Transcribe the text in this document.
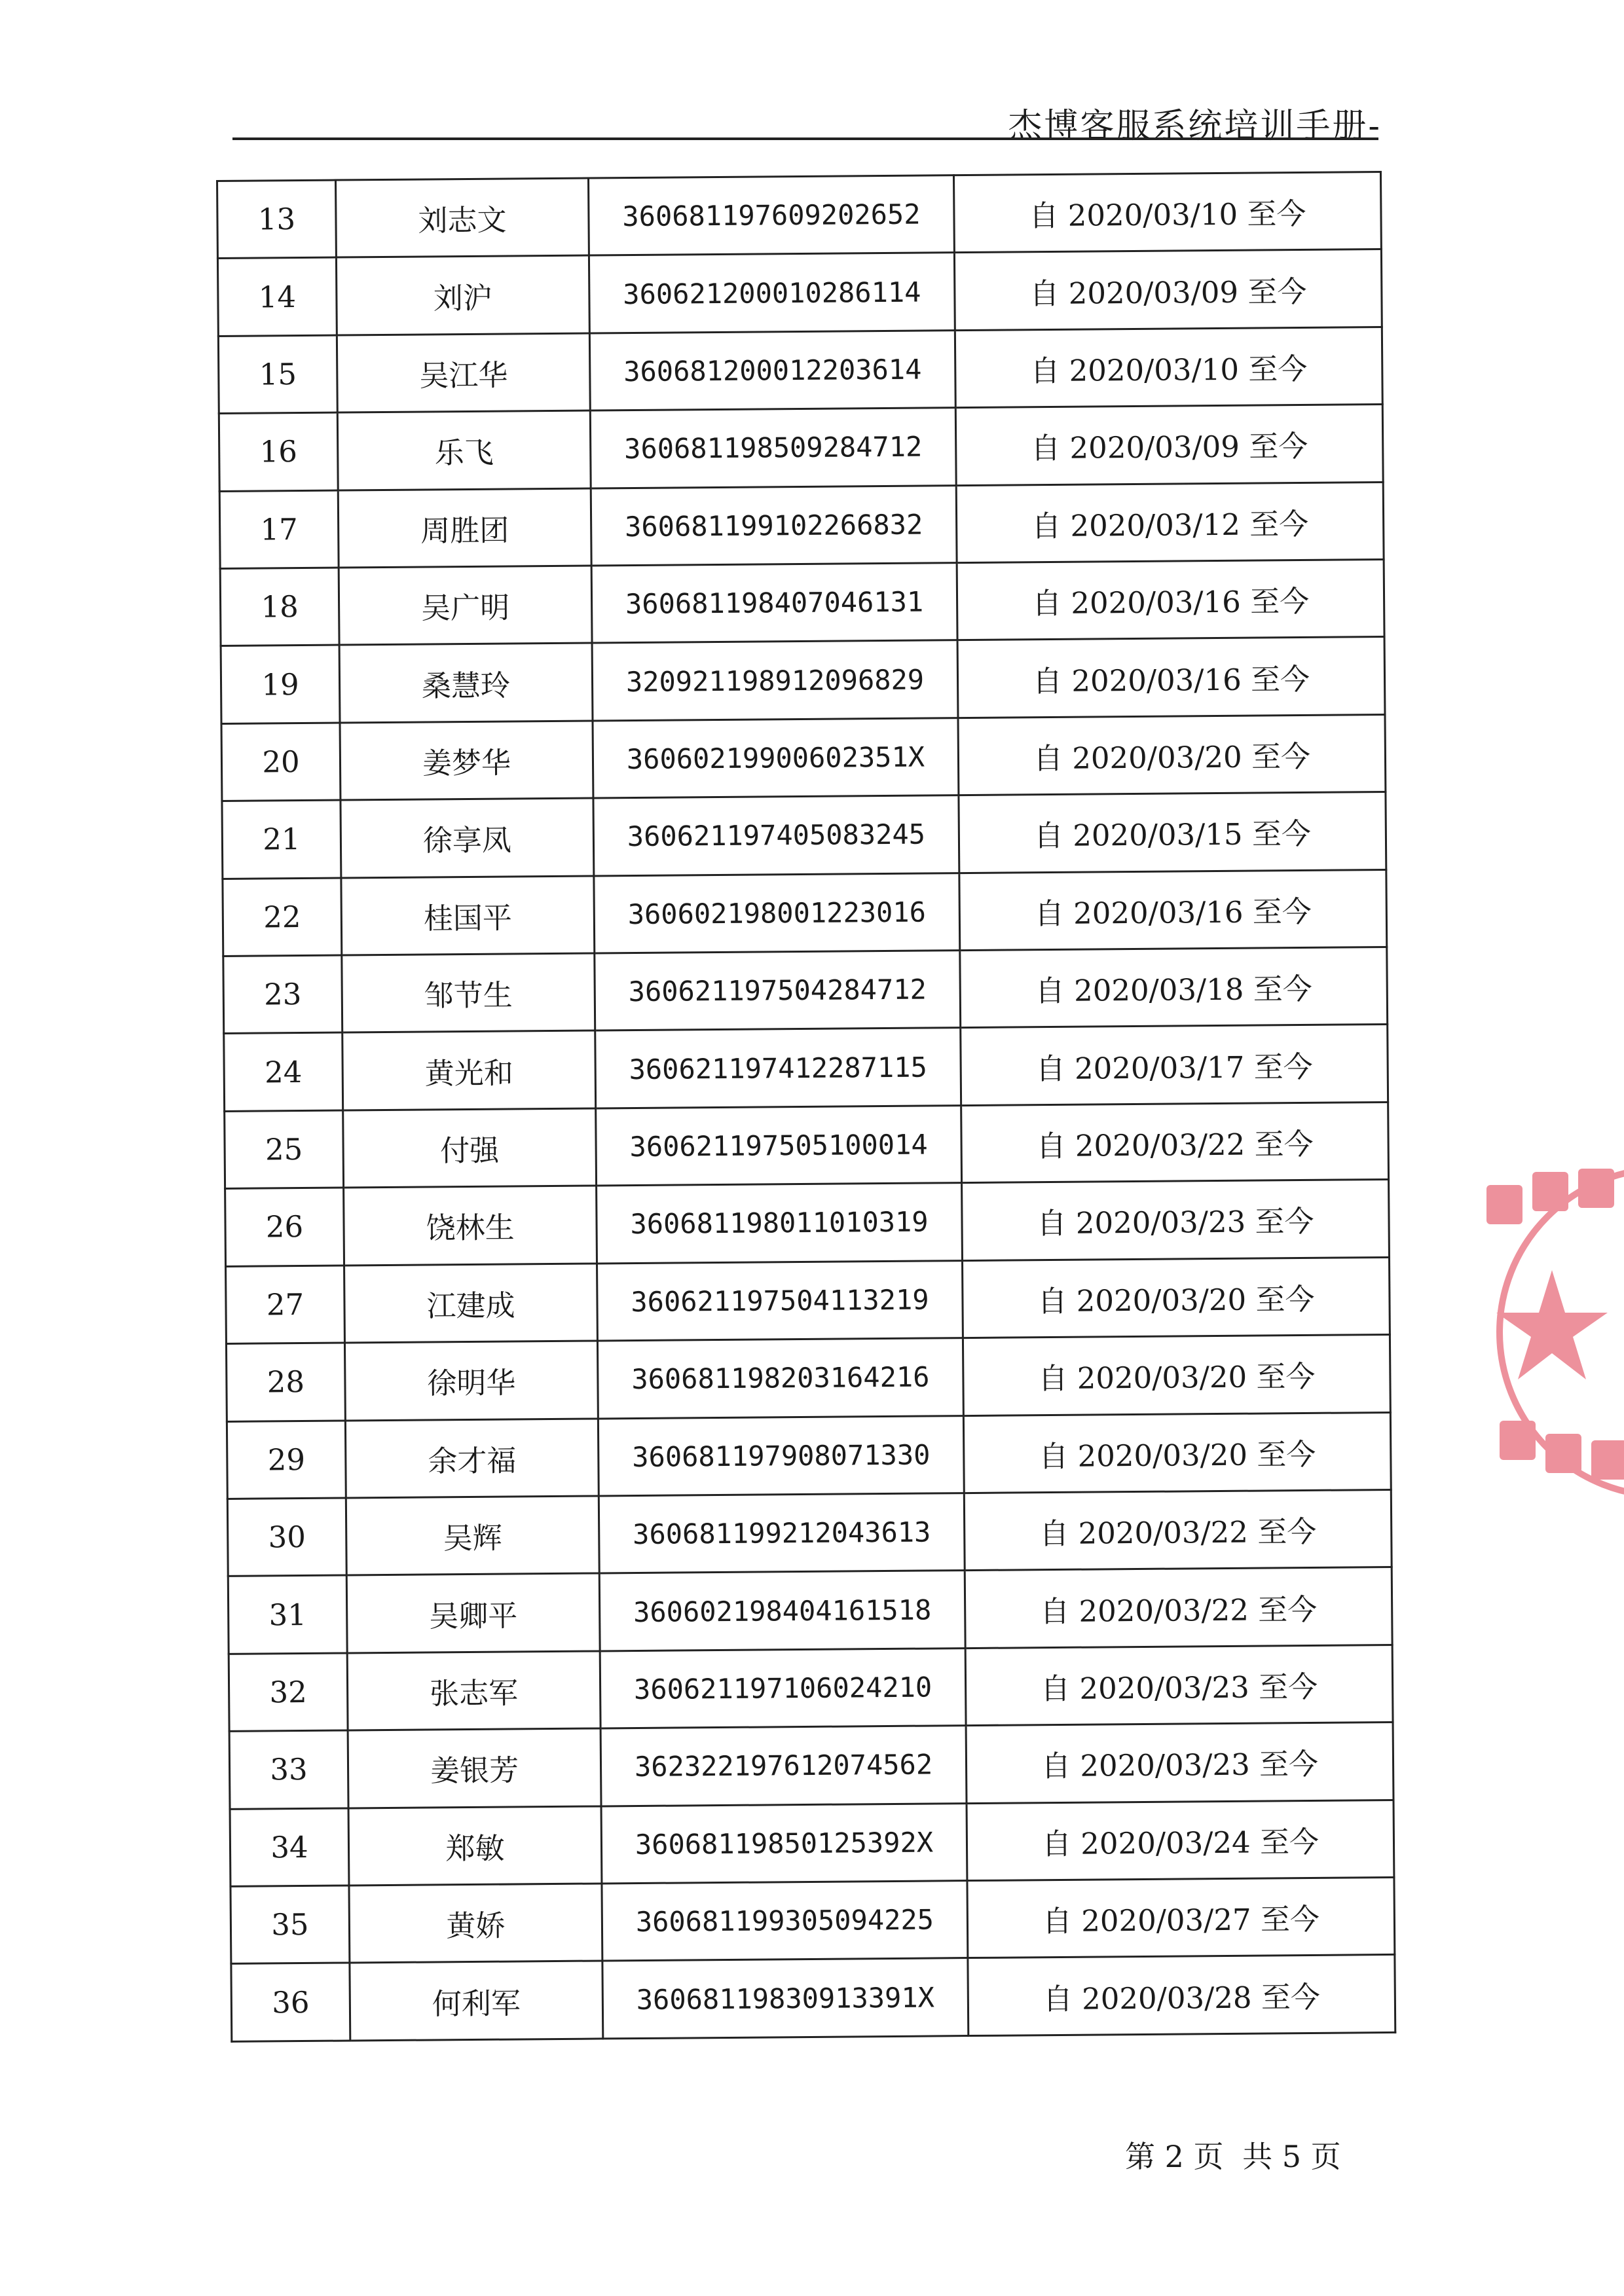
杰博客服系统培训手册-
13	刘志文	360681197609202652	自 2020/03/10 至今
14	刘沪	360621200010286114	自 2020/03/09 至今
15	吴江华	360681200012203614	自 2020/03/10 至今
16	乐飞	360681198509284712	自 2020/03/09 至今
17	周胜团	360681199102266832	自 2020/03/12 至今
18	吴广明	360681198407046131	自 2020/03/16 至今
19	桑慧玲	320921198912096829	自 2020/03/16 至今
20	姜梦华	36060219900602351X	自 2020/03/20 至今
21	徐享凤	360621197405083245	自 2020/03/15 至今
22	桂国平	360602198001223016	自 2020/03/16 至今
23	邹节生	360621197504284712	自 2020/03/18 至今
24	黄光和	360621197412287115	自 2020/03/17 至今
25	付强	360621197505100014	自 2020/03/22 至今
26	饶林生	360681198011010319	自 2020/03/23 至今
27	江建成	360621197504113219	自 2020/03/20 至今
28	徐明华	360681198203164216	自 2020/03/20 至今
29	余才福	360681197908071330	自 2020/03/20 至今
30	吴辉	360681199212043613	自 2020/03/22 至今
31	吴卿平	360602198404161518	自 2020/03/22 至今
32	张志军	360621197106024210	自 2020/03/23 至今
33	姜银芳	362322197612074562	自 2020/03/23 至今
34	郑敏	36068119850125392X	自 2020/03/24 至今
35	黄娇	360681199305094225	自 2020/03/27 至今
36	何利军	36068119830913391X	自 2020/03/28 至今
第 2 页 共 5 页
